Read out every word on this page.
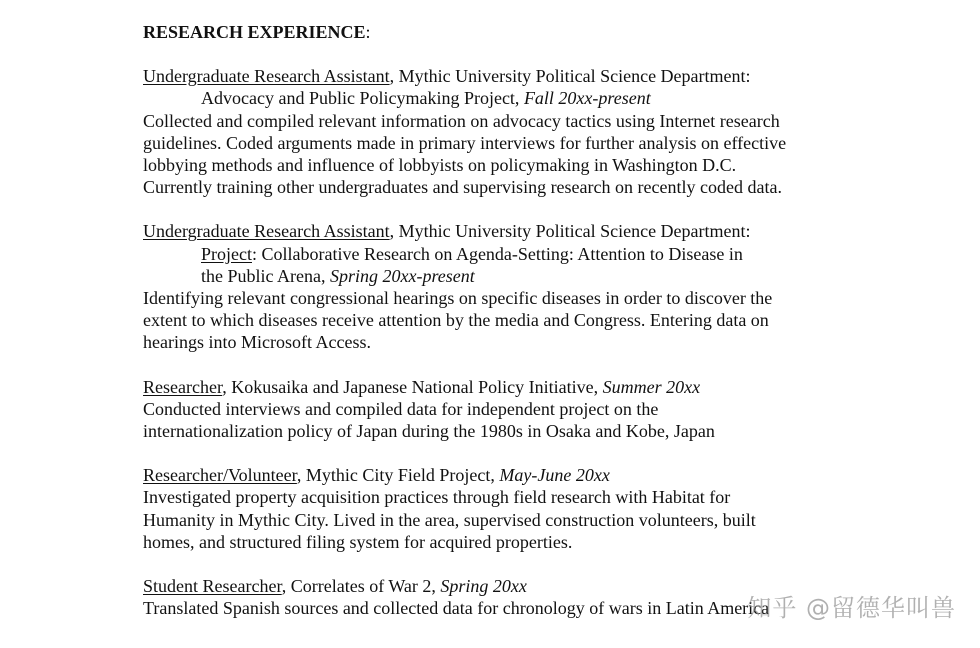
RESEARCH EXPERIENCE:
Undergraduate Research Assistant, Mythic University Political Science Department:
Advocacy and Public Policymaking Project, Fall 20xx-present
Collected and compiled relevant information on advocacy tactics using Internet research
guidelines. Coded arguments made in primary interviews for further analysis on effective
lobbying methods and influence of lobbyists on policymaking in Washington D.C.
Currently training other undergraduates and supervising research on recently coded data.
Undergraduate Research Assistant, Mythic University Political Science Department:
Project: Collaborative Research on Agenda-Setting: Attention to Disease in
the Public Arena, Spring 20xx-present
Identifying relevant congressional hearings on specific diseases in order to discover the
extent to which diseases receive attention by the media and Congress. Entering data on
hearings into Microsoft Access.
Researcher, Kokusaika and Japanese National Policy Initiative, Summer 20xx
Conducted interviews and compiled data for independent project on the
internationalization policy of Japan during the 1980s in Osaka and Kobe, Japan
Researcher/Volunteer, Mythic City Field Project, May-June 20xx
Investigated property acquisition practices through field research with Habitat for
Humanity in Mythic City. Lived in the area, supervised construction volunteers, built
homes, and structured filing system for acquired properties.
Student Researcher, Correlates of War 2, Spring 20xx
Translated Spanish sources and collected data for chronology of wars in Latin America
知乎 @留德华叫兽
